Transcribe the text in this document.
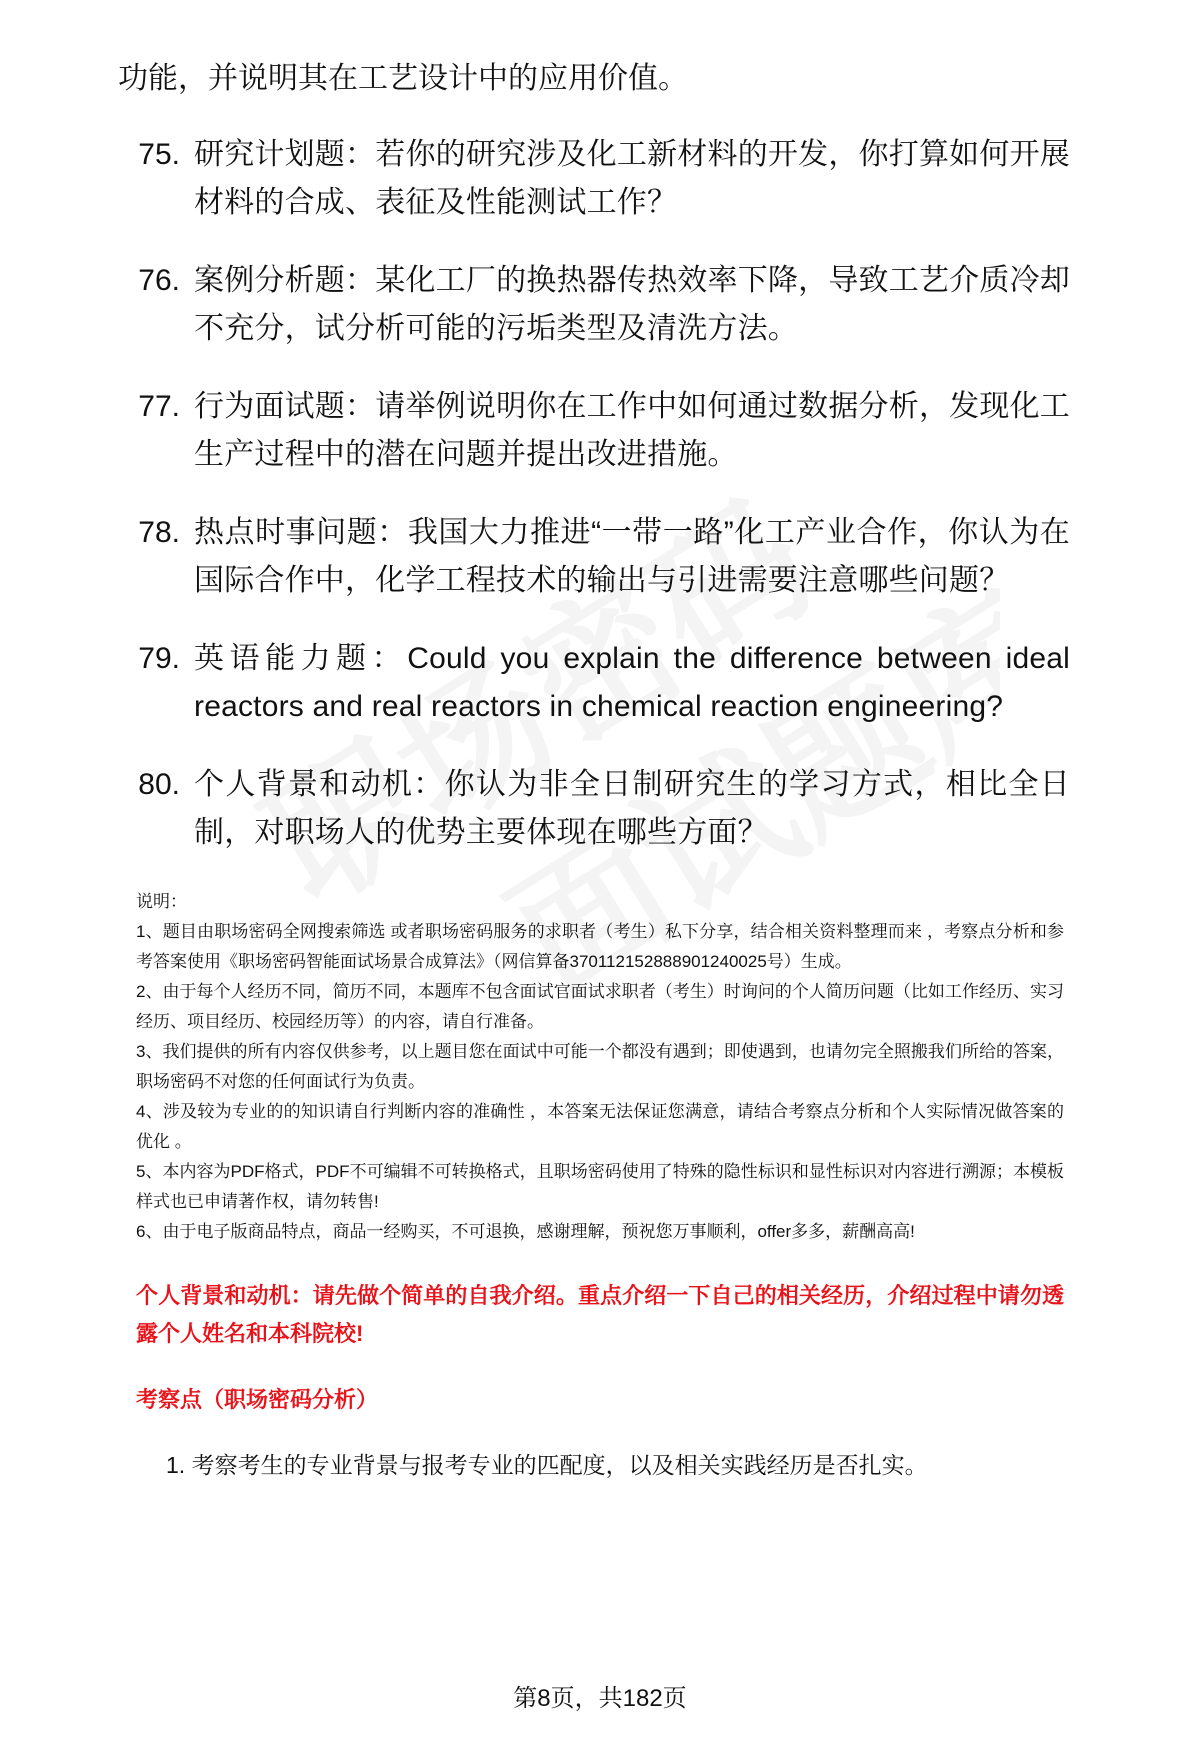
功能，并说明其在工艺设计中的应用价值。

75. 研究计划题：若你的研究涉及化工新材料的开发，你打算如何开展材料的合成、表征及性能测试工作？
76. 案例分析题：某化工厂的换热器传热效率下降，导致工艺介质冷却不充分，试分析可能的污垢类型及清洗方法。
77. 行为面试题：请举例说明你在工作中如何通过数据分析，发现化工生产过程中的潜在问题并提出改进措施。
78. 热点时事问题：我国大力推进“一带一路”化工产业合作，你认为在国际合作中，化学工程技术的输出与引进需要注意哪些问题？
79. 英语能力题：Could you explain the difference between ideal reactors and real reactors in chemical reaction engineering?
80. 个人背景和动机：你认为非全日制研究生的学习方式，相比全日制，对职场人的优势主要体现在哪些方面？
说明：

1、题目由职场密码全网搜索筛选 或者职场密码服务的求职者（考生）私下分享，结合相关资料整理而来 ，考察点分析和参考答案使用《职场密码智能面试场景合成算法》（网信算备370112152888901240025号）生成。

2、由于每个人经历不同，简历不同，本题库不包含面试官面试求职者（考生）时询问的个人简历问题（比如工作经历、实习经历、项目经历、校园经历等）的内容，请自行准备。

3、我们提供的所有内容仅供参考，以上题目您在面试中可能一个都没有遇到；即使遇到，也请勿完全照搬我们所给的答案，职场密码不对您的任何面试行为负责。

4、涉及较为专业的的知识请自行判断内容的准确性 ，本答案无法保证您满意，请结合考察点分析和个人实际情况做答案的优化 。

5、本内容为PDF格式，PDF不可编辑不可转换格式，且职场密码使用了特殊的隐性标识和显性标识对内容进行溯源；本模板样式也已申请著作权，请勿转售!

6、由于电子版商品特点，商品一经购买，不可退换，感谢理解，预祝您万事顺利，offer多多，薪酬高高!

个人背景和动机：请先做个简单的自我介绍。重点介绍一下自己的相关经历，介绍过程中请勿透露个人姓名和本科院校!
考察点（职场密码分析）
1. 考察考生的专业背景与报考专业的匹配度，以及相关实践经历是否扎实。
第8页，共182页
